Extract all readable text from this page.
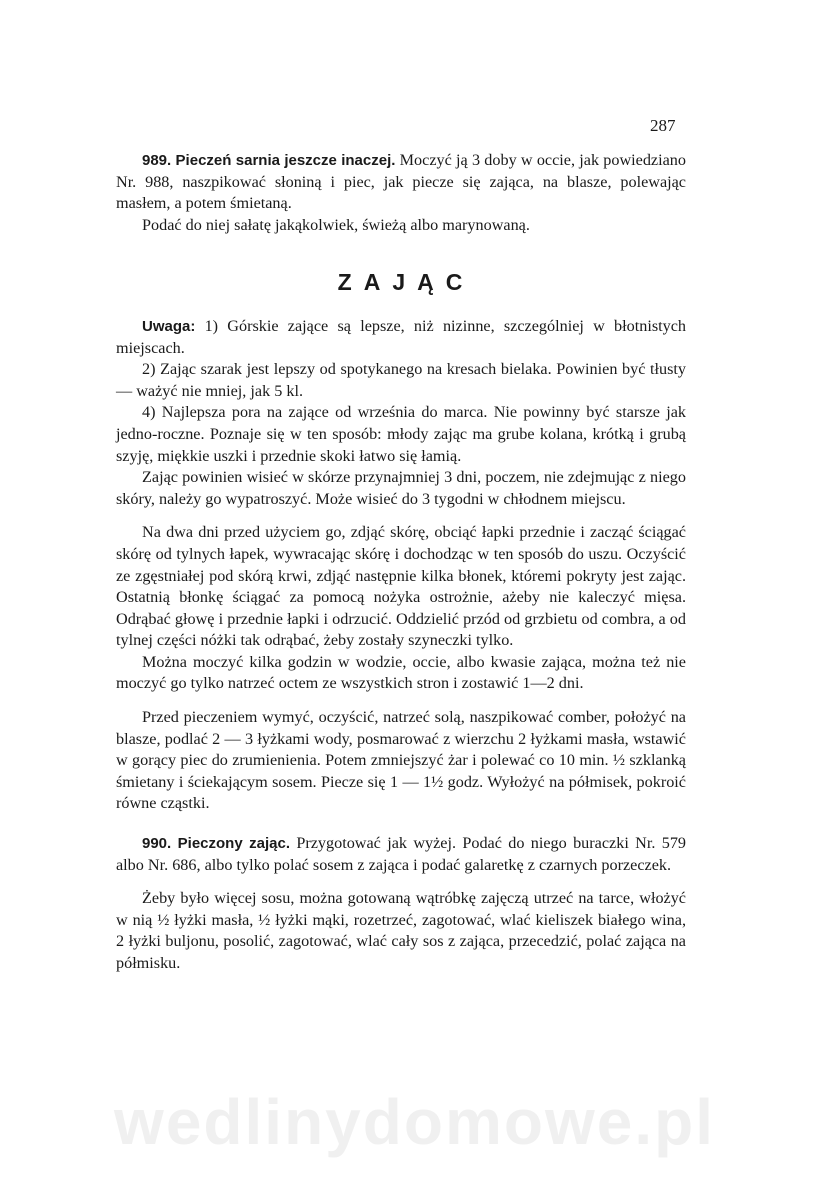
287

989. Pieczeń sarnia jeszcze inaczej. Moczyć ją 3 doby w occie, jak powiedziano Nr. 988, naszpikować słoniną i piec, jak piecze się zająca, na blasze, polewając masłem, a potem śmietaną.

Podać do niej sałatę jakąkolwiek, świeżą albo marynowaną.

ZAJĄC

Uwaga: 1) Górskie zające są lepsze, niż nizinne, szczególniej w błotnistych miejscach.

2) Zając szarak jest lepszy od spotykanego na kresach bielaka. Powinien być tłusty — ważyć nie mniej, jak 5 kl.

4) Najlepsza pora na zające od września do marca. Nie powinny być starsze jak jedno-roczne. Poznaje się w ten sposób: młody zając ma grube kolana, krótką i grubą szyję, miękkie uszki i przednie skoki łatwo się łamią.

Zając powinien wisieć w skórze przynajmniej 3 dni, poczem, nie zdejmując z niego skóry, należy go wypatroszyć. Może wisieć do 3 tygodni w chłodnem miejscu.

Na dwa dni przed użyciem go, zdjąć skórę, obciąć łapki przednie i zacząć ściągać skórę od tylnych łapek, wywracając skórę i dochodząc w ten sposób do uszu. Oczyścić ze zgęstniałej pod skórą krwi, zdjąć następnie kilka błonek, któremi pokryty jest zając. Ostatnią błonkę ściągać za pomocą nożyka ostrożnie, ażeby nie kaleczyć mięsa. Odrąbać głowę i przednie łapki i odrzucić. Oddzielić przód od grzbietu od combra, a od tylnej części nóżki tak odrąbać, żeby zostały szyneczki tylko.

Można moczyć kilka godzin w wodzie, occie, albo kwasie zająca, można też nie moczyć go tylko natrzeć octem ze wszystkich stron i zostawić 1—2 dni.

Przed pieczeniem wymyć, oczyścić, natrzeć solą, naszpikować comber, położyć na blasze, podlać 2 — 3 łyżkami wody, posmarować z wierzchu 2 łyżkami masła, wstawić w gorący piec do zrumienienia. Potem zmniejszyć żar i polewać co 10 min. ½ szklanką śmietany i ściekającym sosem. Piecze się 1 — 1½ godz. Wyłożyć na półmisek, pokroić równe cząstki.

990. Pieczony zając. Przygotować jak wyżej. Podać do niego buraczki Nr. 579 albo Nr. 686, albo tylko polać sosem z zająca i podać galaretkę z czarnych porzeczek.

Żeby było więcej sosu, można gotowaną wątróbkę zajęczą utrzeć na tarce, włożyć w nią ½ łyżki masła, ½ łyżki mąki, rozetrzeć, zagotować, wlać kieliszek białego wina, 2 łyżki buljonu, posolić, zagotować, wlać cały sos z zająca, przecedzić, polać zająca na półmisku.

wedlinydomowe.pl
